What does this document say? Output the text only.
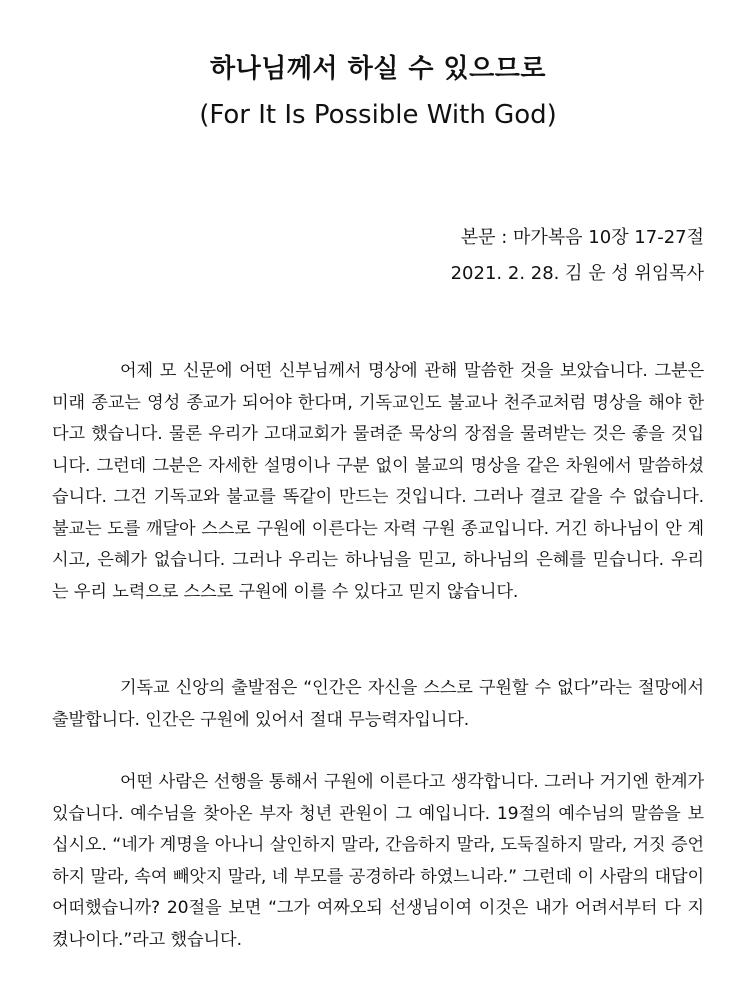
하나님께서 하실 수 있으므로
(For It Is Possible With God)
본문 : 마가복음 10장 17-27절
2021. 2. 28. 김 운 성 위임목사

어제 모 신문에 어떤 신부님께서 명상에 관해 말씀한 것을 보았습니다. 그분은 미래 종교는 영성 종교가 되어야 한다며, 기독교인도 불교나 천주교처럼 명상을 해야 한다고 했습니다. 물론 우리가 고대교회가 물려준 묵상의 장점을 물려받는 것은 좋을 것입니다. 그런데 그분은 자세한 설명이나 구분 없이 불교의 명상을 같은 차원에서 말씀하셨습니다. 그건 기독교와 불교를 똑같이 만드는 것입니다. 그러나 결코 같을 수 없습니다. 불교는 도를 깨달아 스스로 구원에 이른다는 자력 구원 종교입니다. 거긴 하나님이 안 계시고, 은혜가 없습니다. 그러나 우리는 하나님을 믿고, 하나님의 은혜를 믿습니다. 우리는 우리 노력으로 스스로 구원에 이를 수 있다고 믿지 않습니다.

기독교 신앙의 출발점은 “인간은 자신을 스스로 구원할 수 없다”라는 절망에서 출발합니다. 인간은 구원에 있어서 절대 무능력자입니다.

어떤 사람은 선행을 통해서 구원에 이른다고 생각합니다. 그러나 거기엔 한계가 있습니다. 예수님을 찾아온 부자 청년 관원이 그 예입니다. 19절의 예수님의 말씀을 보십시오. “네가 계명을 아나니 살인하지 말라, 간음하지 말라, 도둑질하지 말라, 거짓 증언하지 말라, 속여 빼앗지 말라, 네 부모를 공경하라 하였느니라.” 그런데 이 사람의 대답이 어떠했습니까? 20절을 보면 “그가 여짜오되 선생님이여 이것은 내가 어려서부터 다 지켰나이다.”라고 했습니다.
